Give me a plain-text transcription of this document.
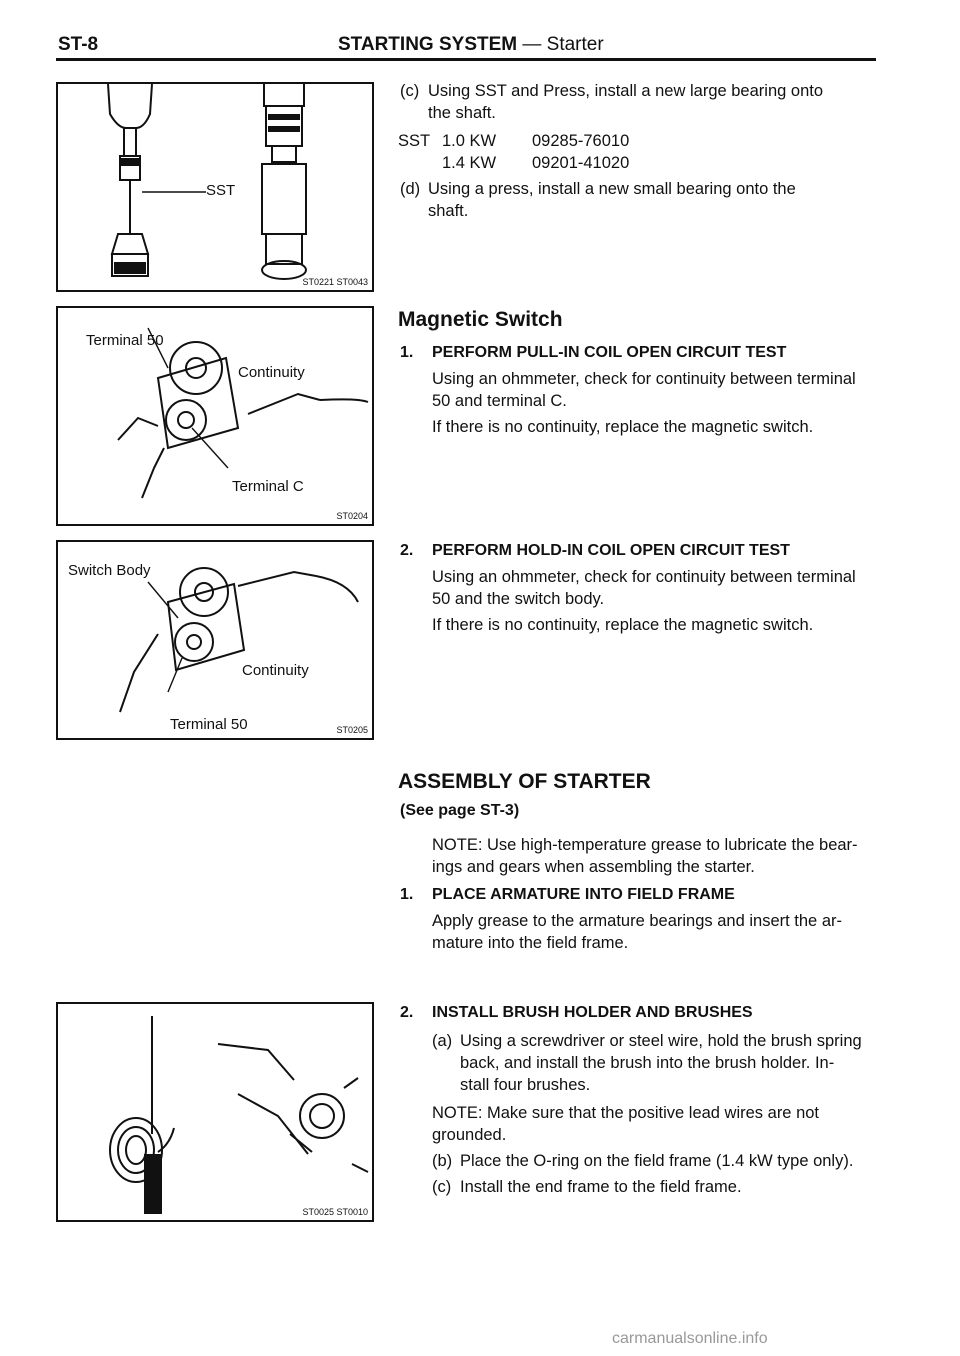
ST-8	STARTING SYSTEM — Starter
SST
ST0221 ST0043
Terminal 50
Continuity
Terminal C
ST0204
Switch Body
Continuity
Terminal 50	ST0205
ST0025 ST0010
(c) Using SST and Press, install a new large bearing onto
the shaft.
SST 1.0 KW 09285-76010
1.4 KW 09201-41020
(d) Using a press, install a new small bearing onto the
shaft.
Magnetic Switch
1. PERFORM PULL-IN COIL OPEN CIRCUIT TEST
Using an ohmmeter, check for continuity between terminal
50 and terminal C.
If there is no continuity, replace the magnetic switch.
2. PERFORM HOLD-IN COIL OPEN CIRCUIT TEST
Using an ohmmeter, check for continuity between terminal
50 and the switch body.
If there is no continuity, replace the magnetic switch.
ASSEMBLY OF STARTER
(See page ST-3)
NOTE: Use high-temperature grease to lubricate the bear-
ings and gears when assembling the starter.
1. PLACE ARMATURE INTO FIELD FRAME
Apply grease to the armature bearings and insert the ar-
mature into the field frame.
2. INSTALL BRUSH HOLDER AND BRUSHES
(a) Using a screwdriver or steel wire, hold the brush spring
back, and install the brush into the brush holder. In-
stall four brushes.
NOTE: Make sure that the positive lead wires are not
grounded.
(b) Place the O-ring on the field frame (1.4 kW type only).
(c) Install the end frame to the field frame.
carmanualsonline.info
